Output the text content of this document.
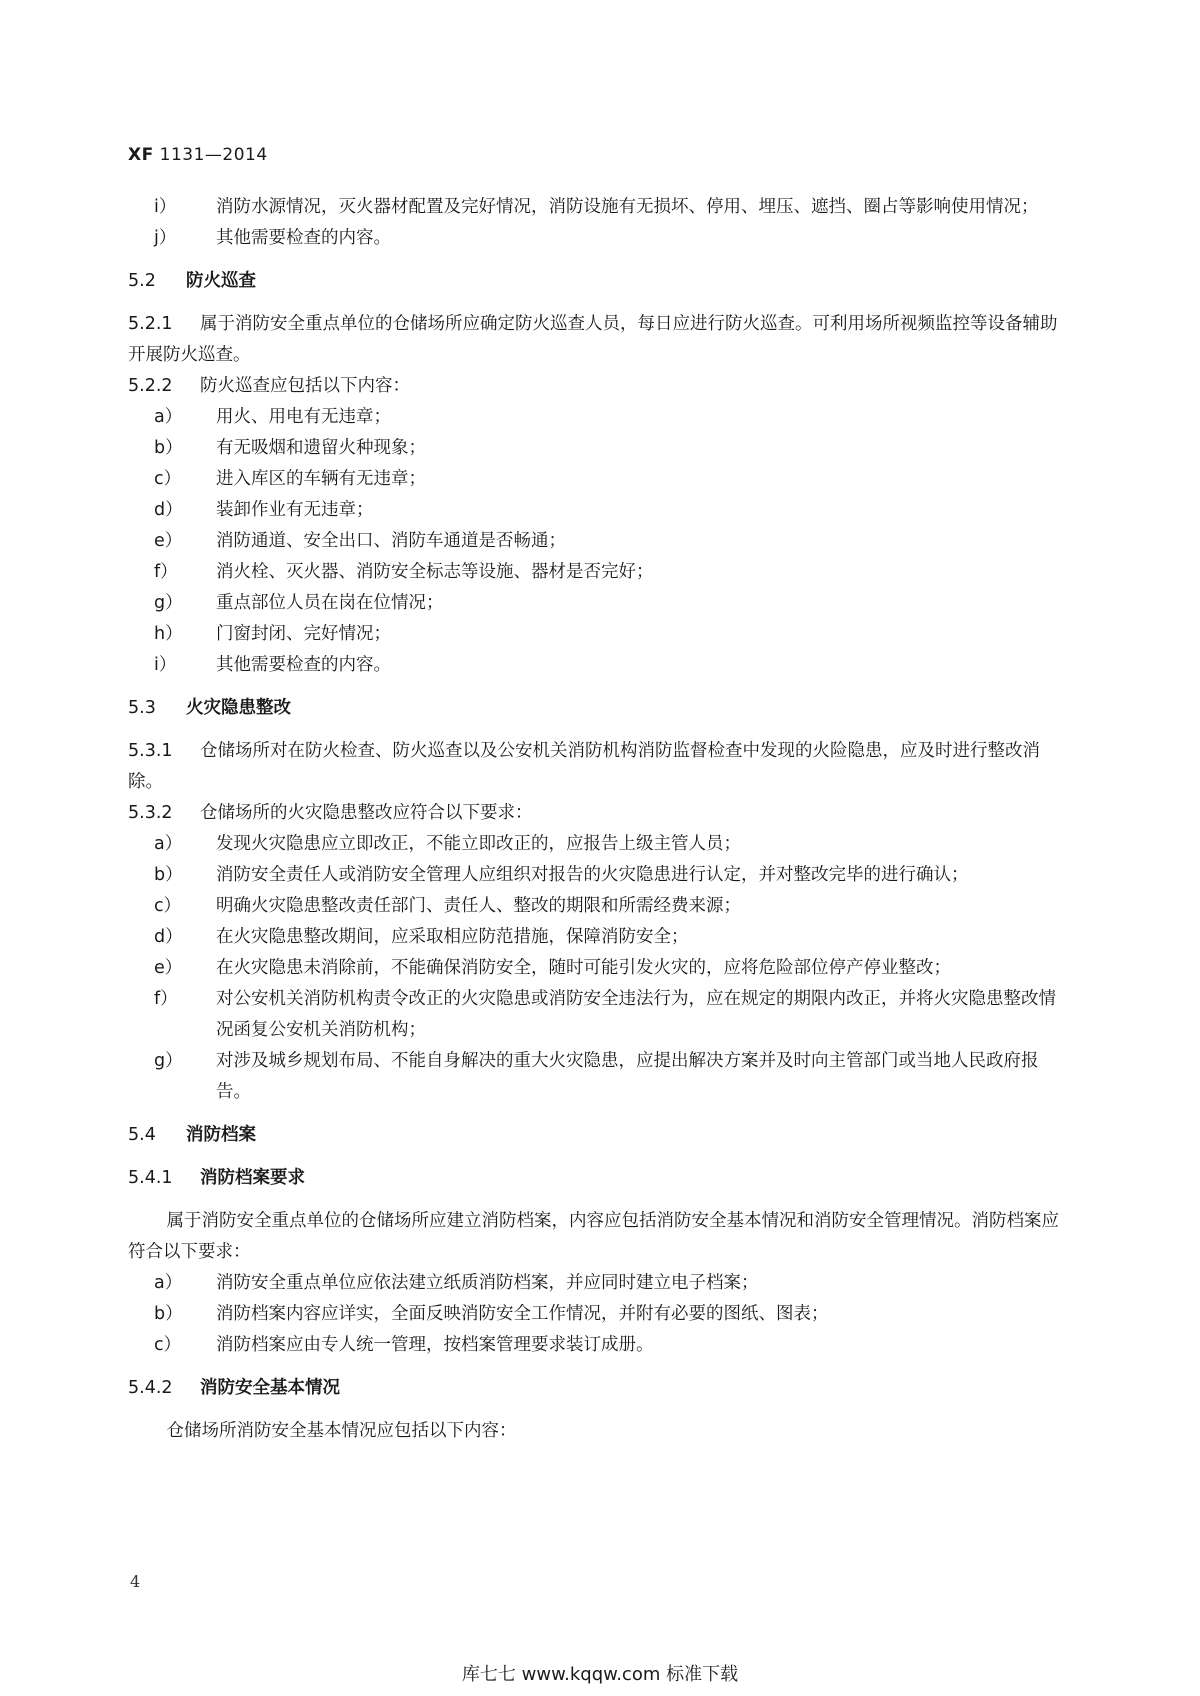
XF 1131—2014
i）	消防水源情况，灭火器材配置及完好情况，消防设施有无损坏、停用、埋压、遮挡、圈占等影响使用情况；
j）	其他需要检查的内容。
5.2 防火巡查
5.2.1 属于消防安全重点单位的仓储场所应确定防火巡查人员，每日应进行防火巡查。可利用场所视频监控等设备辅助开展防火巡查。
5.2.2 防火巡查应包括以下内容：
a）	用火、用电有无违章；
b）	有无吸烟和遗留火种现象；
c）	进入库区的车辆有无违章；
d）	装卸作业有无违章；
e）	消防通道、安全出口、消防车通道是否畅通；
f）	消火栓、灭火器、消防安全标志等设施、器材是否完好；
g）	重点部位人员在岗在位情况；
h）	门窗封闭、完好情况；
i）	其他需要检查的内容。
5.3 火灾隐患整改
5.3.1 仓储场所对在防火检查、防火巡查以及公安机关消防机构消防监督检查中发现的火险隐患，应及时进行整改消除。
5.3.2 仓储场所的火灾隐患整改应符合以下要求：
a）	发现火灾隐患应立即改正，不能立即改正的，应报告上级主管人员；
b）	消防安全责任人或消防安全管理人应组织对报告的火灾隐患进行认定，并对整改完毕的进行确认；
c）	明确火灾隐患整改责任部门、责任人、整改的期限和所需经费来源；
d）	在火灾隐患整改期间，应采取相应防范措施，保障消防安全；
e）	在火灾隐患未消除前，不能确保消防安全，随时可能引发火灾的，应将危险部位停产停业整改；
f）	对公安机关消防机构责令改正的火灾隐患或消防安全违法行为，应在规定的期限内改正，并将火灾隐患整改情况函复公安机关消防机构；
g）	对涉及城乡规划布局、不能自身解决的重大火灾隐患，应提出解决方案并及时向主管部门或当地人民政府报告。
5.4 消防档案
5.4.1 消防档案要求
属于消防安全重点单位的仓储场所应建立消防档案，内容应包括消防安全基本情况和消防安全管理情况。消防档案应符合以下要求：
a）	消防安全重点单位应依法建立纸质消防档案，并应同时建立电子档案；
b）	消防档案内容应详实，全面反映消防安全工作情况，并附有必要的图纸、图表；
c）	消防档案应由专人统一管理，按档案管理要求装订成册。
5.4.2 消防安全基本情况
仓储场所消防安全基本情况应包括以下内容：
4
库七七 www.kqqw.com 标准下载
